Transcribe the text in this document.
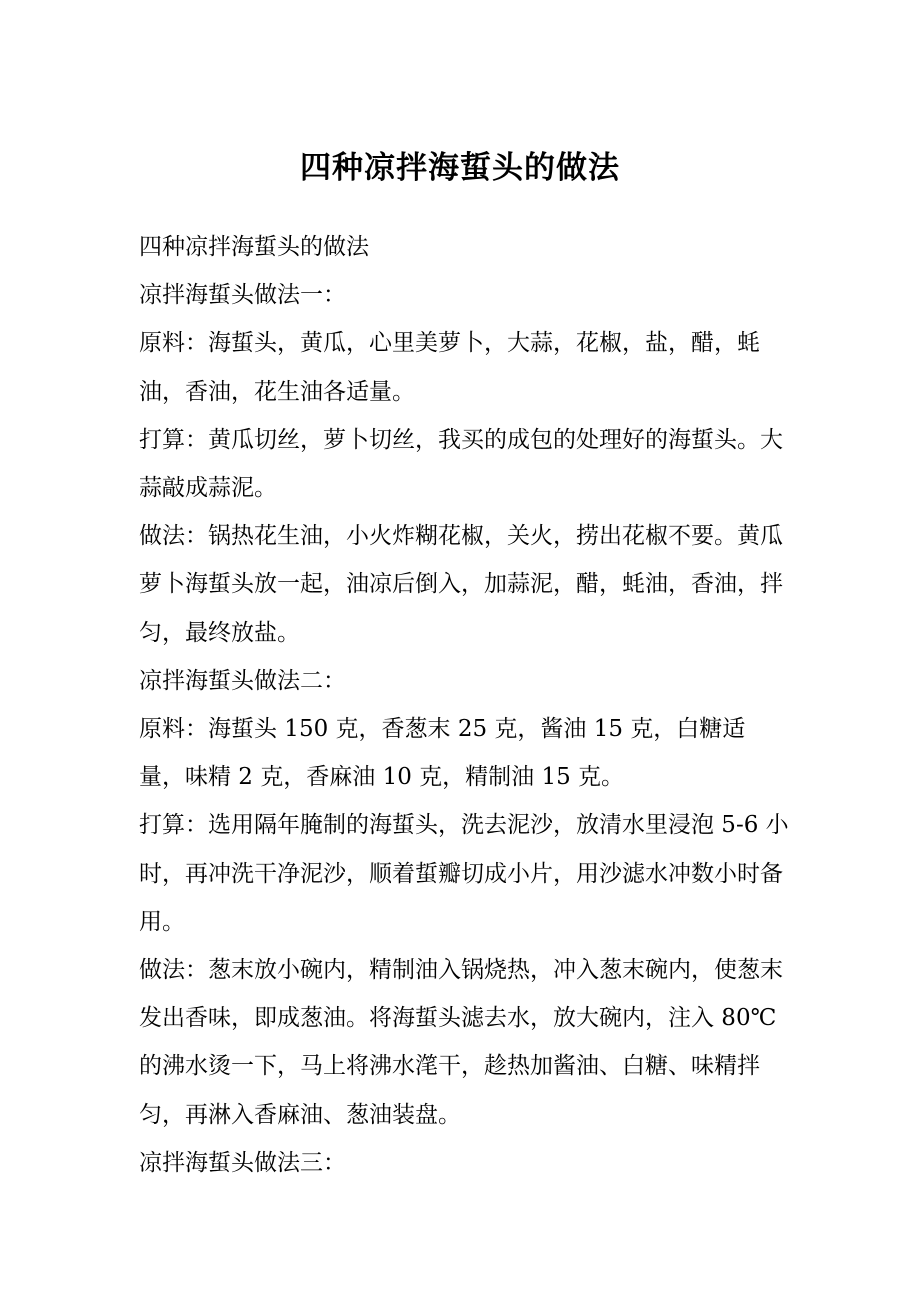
四种凉拌海蜇头的做法

四种凉拌海蜇头的做法

凉拌海蜇头做法一：

原料：海蜇头，黄瓜，心里美萝卜，大蒜，花椒，盐，醋，蚝油，香油，花生油各适量。

打算：黄瓜切丝，萝卜切丝，我买的成包的处理好的海蜇头。大蒜敲成蒜泥。

做法：锅热花生油，小火炸糊花椒，关火，捞出花椒不要。黄瓜萝卜海蜇头放一起，油凉后倒入，加蒜泥，醋，蚝油，香油，拌匀，最终放盐。

凉拌海蜇头做法二：

原料：海蜇头 150 克，香葱末 25 克，酱油 15 克，白糖适量，味精 2 克，香麻油 10 克，精制油 15 克。

打算：选用隔年腌制的海蜇头，洗去泥沙，放清水里浸泡 5-6 小时，再冲洗干净泥沙，顺着蜇瓣切成小片，用沙滤水冲数小时备用。

做法：葱末放小碗内，精制油入锅烧热，冲入葱末碗内，使葱末发出香味，即成葱油。将海蜇头滤去水，放大碗内，注入 80℃的沸水烫一下，马上将沸水滗干，趁热加酱油、白糖、味精拌匀，再淋入香麻油、葱油装盘。

凉拌海蜇头做法三：
